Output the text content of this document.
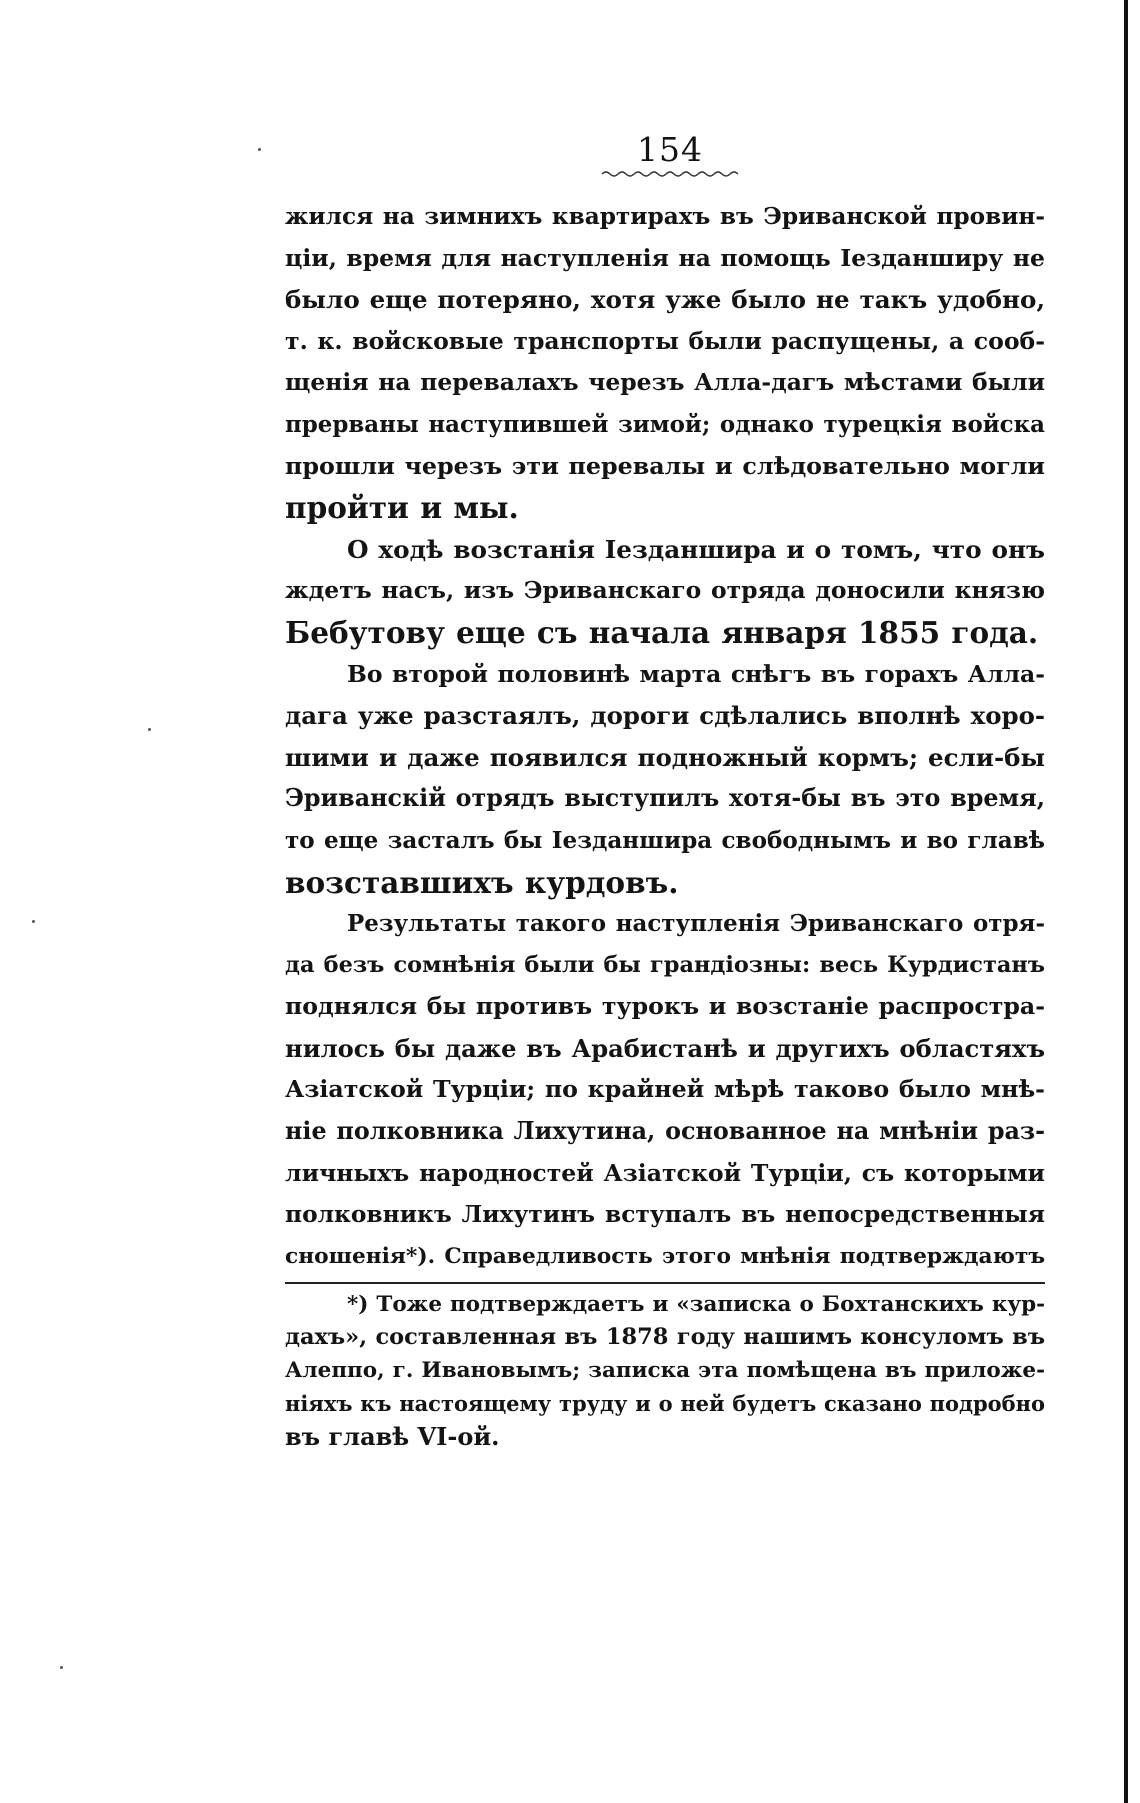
154
жился на зимнихъ квартирахъ въ Эриванской провин-
ціи, время для наступленія на помощь Іезданширу не
было еще потеряно, хотя уже было не такъ удобно,
т. к. войсковые транспорты были распущены, а сооб-
щенія на перевалахъ черезъ Алла-дагъ мѣстами были
прерваны наступившей зимой; однако турецкія войска
прошли черезъ эти перевалы и слѣдовательно могли
пройти и мы.
О ходѣ возстанія Іезданшира и о томъ, что онъ
ждетъ насъ, изъ Эриванскаго отряда доносили князю
Бебутову еще съ начала января 1855 года.
Во второй половинѣ марта снѣгъ въ горахъ Алла-
дага уже разстаялъ, дороги сдѣлались вполнѣ хоро-
шими и даже появился подножный кормъ; если-бы
Эриванскій отрядъ выступилъ хотя-бы въ это время,
то еще засталъ бы Іезданшира свободнымъ и во главѣ
возставшихъ курдовъ.
Результаты такого наступленія Эриванскаго отря-
да безъ сомнѣнія были бы грандіозны: весь Курдистанъ
поднялся бы противъ турокъ и возстаніе распростра-
нилось бы даже въ Арабистанѣ и другихъ областяхъ
Азіатской Турціи; по крайней мѣрѣ таково было мнѣ-
ніе полковника Лихутина, основанное на мнѣніи раз-
личныхъ народностей Азіатской Турціи, съ которыми
полковникъ Лихутинъ вступалъ въ непосредственныя
сношенія*). Справедливость этого мнѣнія подтверждаютъ
*) Тоже подтверждаетъ и «записка о Бохтанскихъ кур-
дахъ», составленная въ 1878 году нашимъ консуломъ въ
Алеппо, г. Ивановымъ; записка эта помѣщена въ приложе-
ніяхъ къ настоящему труду и о ней будетъ сказано подробно
въ главѣ VI-ой.
